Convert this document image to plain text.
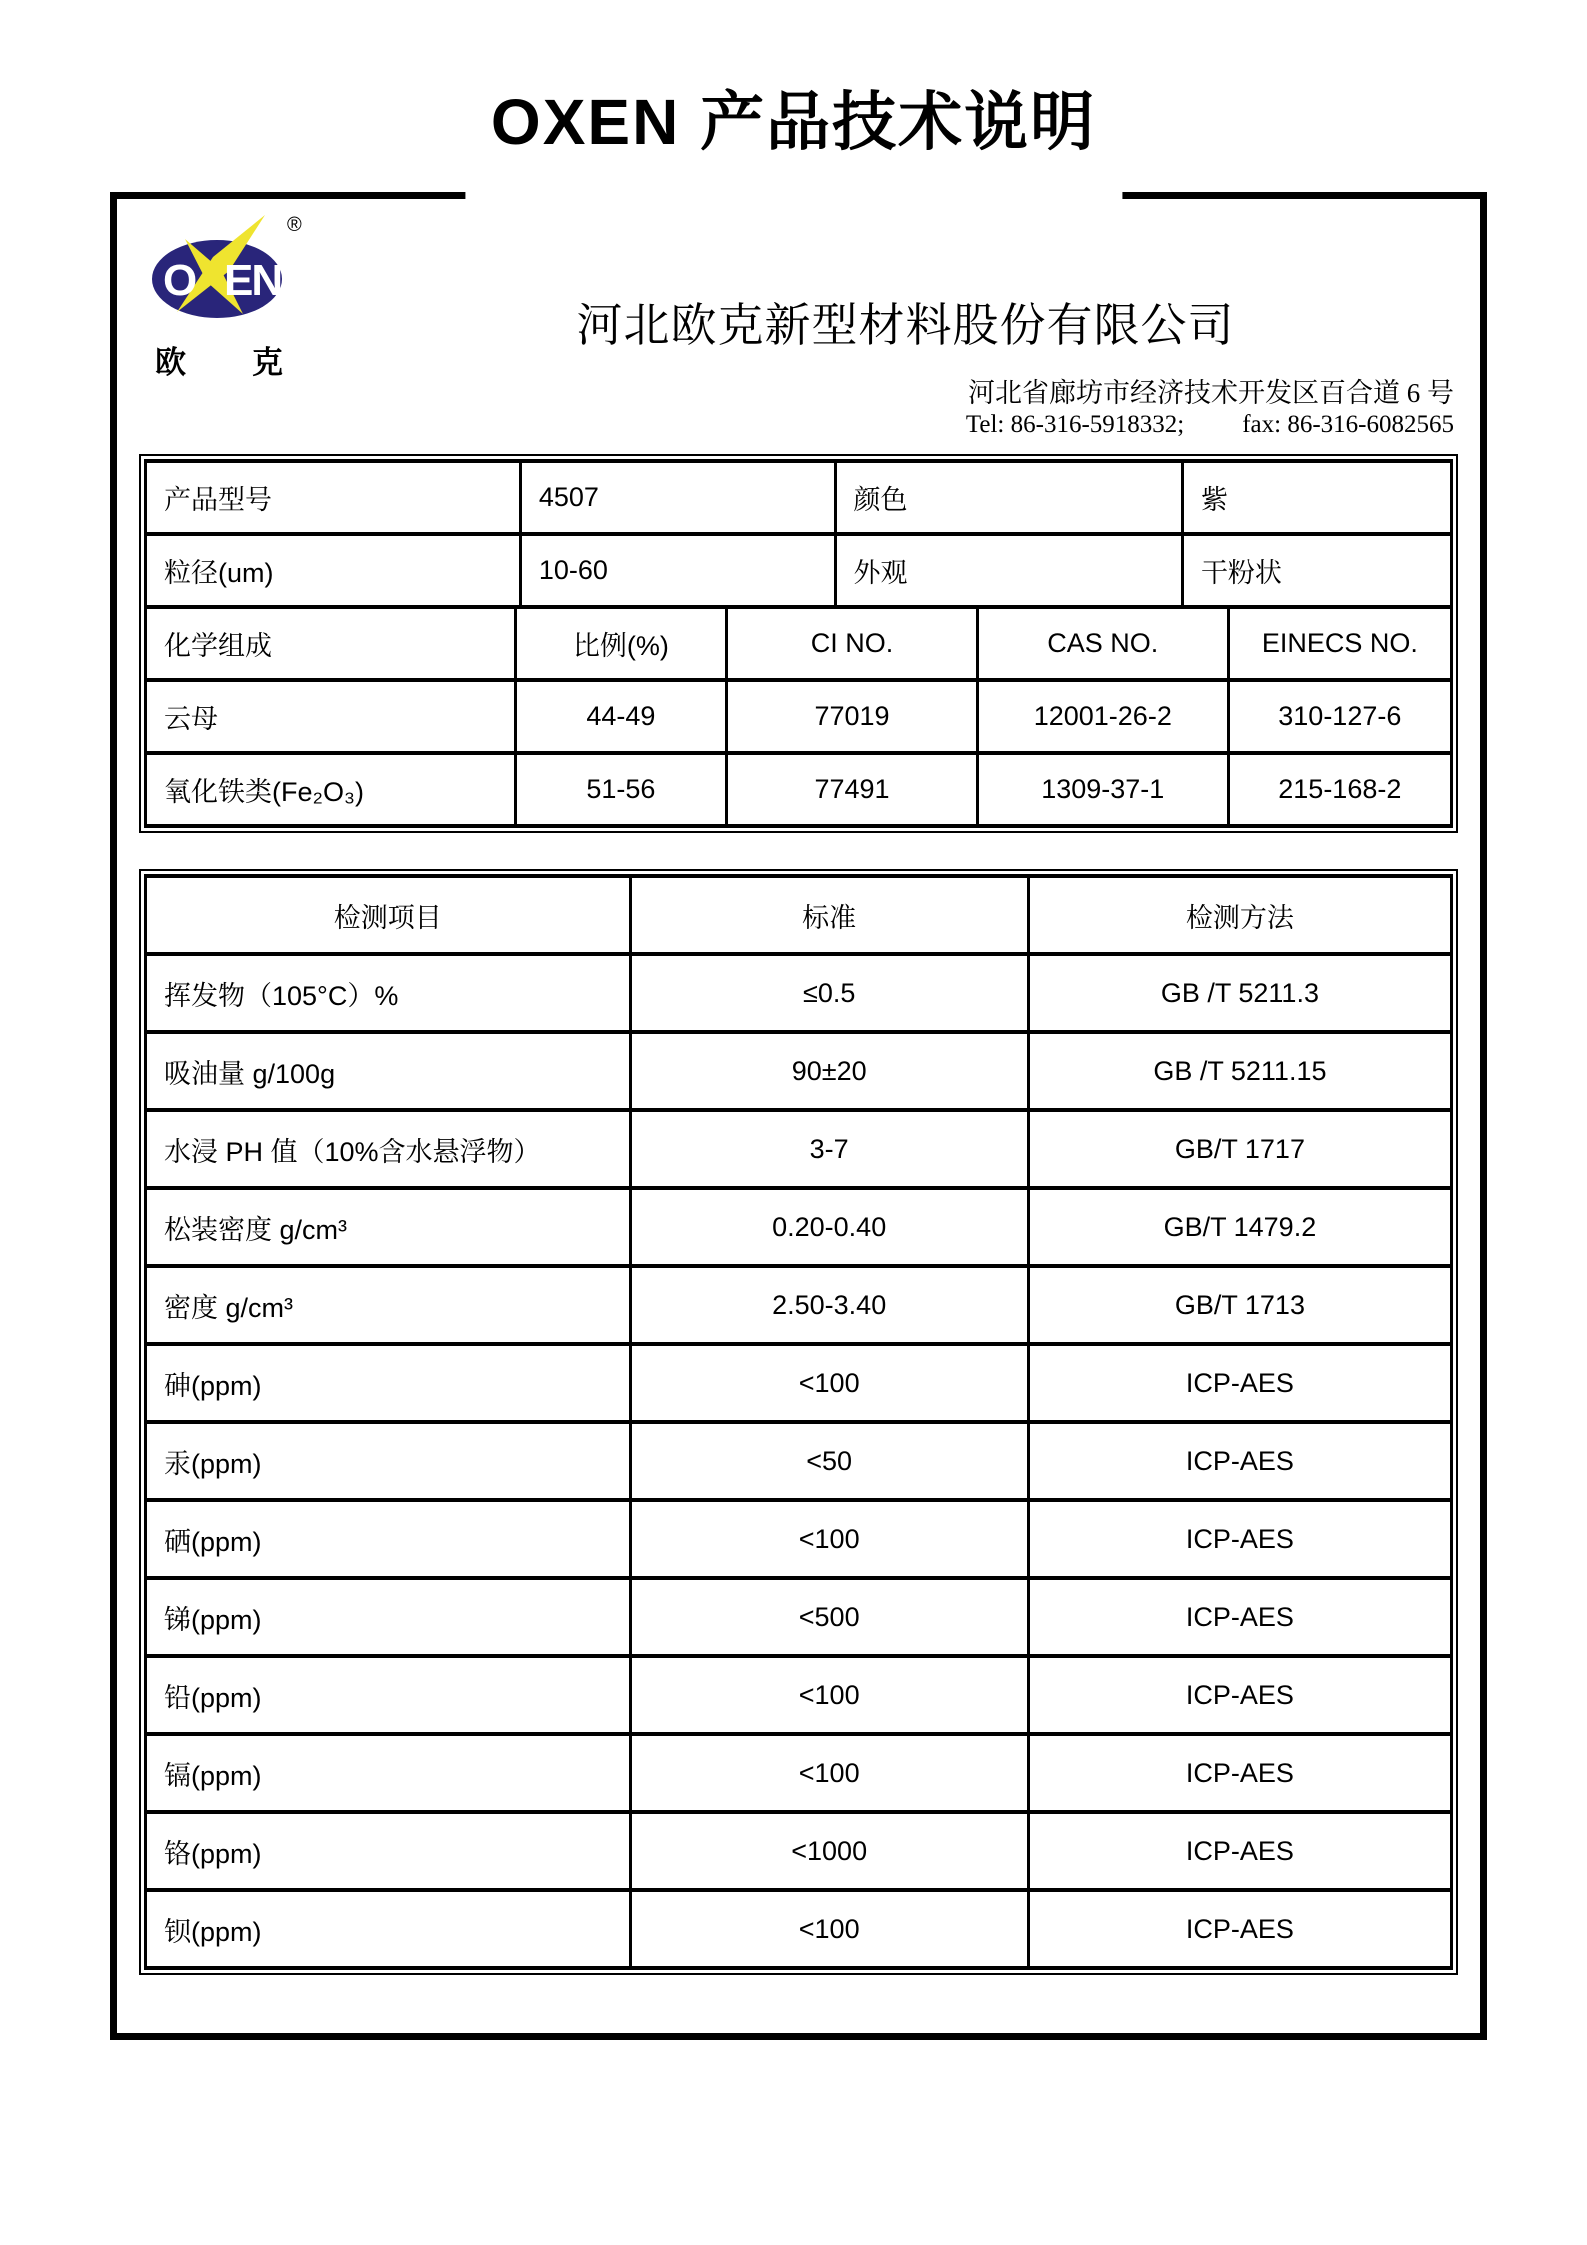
OXEN 产品技术说明
O EN
®
欧 克
河北欧克新型材料股份有限公司
河北省廊坊市经济技术开发区百合道 6 号
Tel: 86-316-5918332; fax: 86-316-6082565
产品型号	4507	颜色	紫
粒径(um)	10-60	外观	干粉状
化学组成	比例(%)	CI NO.	CAS NO.	EINECS NO.
云母	44-49	77019	12001-26-2	310-127-6
氧化铁类(Fe₂O₃)	51-56	77491	1309-37-1	215-168-2
检测项目	标准	检测方法
挥发物（105°C）%	≤0.5	GB /T 5211.3
吸油量 g/100g	90±20	GB /T 5211.15
水浸 PH 值（10%含水悬浮物）	3-7	GB/T 1717
松装密度 g/cm³	0.20-0.40	GB/T 1479.2
密度 g/cm³	2.50-3.40	GB/T 1713
砷(ppm)	<100	ICP-AES
汞(ppm)	<50	ICP-AES
硒(ppm)	<100	ICP-AES
锑(ppm)	<500	ICP-AES
铅(ppm)	<100	ICP-AES
镉(ppm)	<100	ICP-AES
铬(ppm)	<1000	ICP-AES
钡(ppm)	<100	ICP-AES
